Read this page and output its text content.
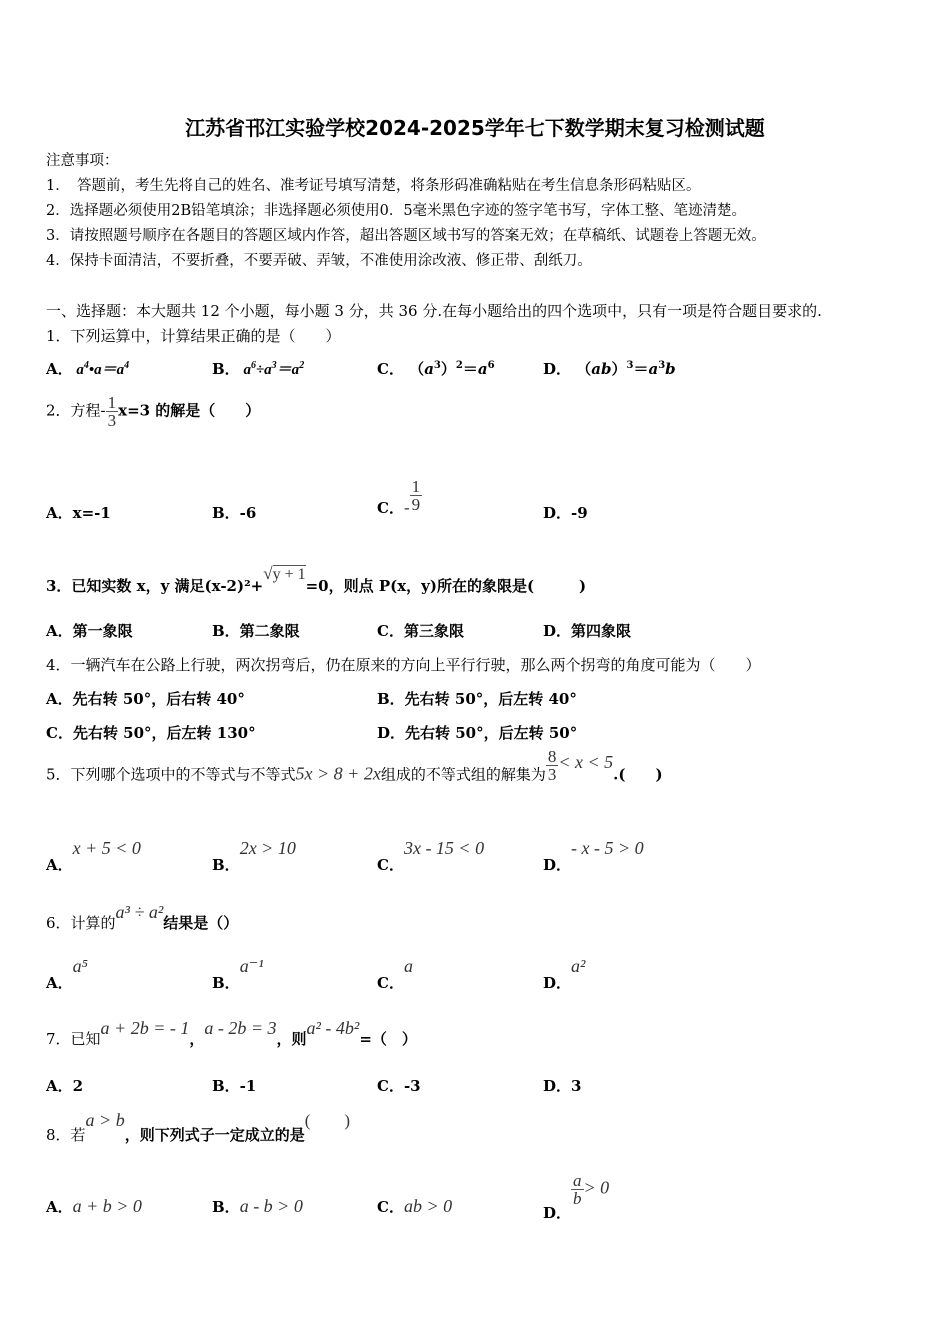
江苏省邗江实验学校2024-2025学年七下数学期末复习检测试题
注意事项：
1．　答题前，考生先将自己的姓名、准考证号填写清楚，将条形码准确粘贴在考生信息条形码粘贴区。
2．选择题必须使用2B铅笔填涂；非选择题必须使用0．5毫米黑色字迹的签字笔书写，字体工整、笔迹清楚。
3．请按照题号顺序在各题目的答题区域内作答，超出答题区域书写的答案无效；在草稿纸、试题卷上答题无效。
4．保持卡面清洁，不要折叠，不要弄破、弄皱，不准使用涂改液、修正带、刮纸刀。
一、选择题：本大题共 12 个小题，每小题 3 分，共 36 分.在每小题给出的四个选项中，只有一项是符合题目要求的.
1．下列运算中，计算结果正确的是（　　）
A． $a^4•a=a^4$	B． $a^6\div a^3=a^2$	C． $(a^3)^2=a^6$	D． $(ab)^3=a^3b$
2．方程- $\frac{1}{3} x=3$ 的解是（　　）
A．x=-1	B．-6	C．- $\frac{1}{9}$	D．-9
3．已知实数 x，y 满足(x-2)²+√y + 1=0，则点 P(x，y)所在的象限是(　　　)
A．第一象限	B．第二象限	C．第三象限	D．第四象限
4．一辆汽车在公路上行驶，两次拐弯后，仍在原来的方向上平行行驶，那么两个拐弯的角度可能为（　　）
A．先右转 50°，后右转 40°	B．先右转 50°，后左转 40°
C．先右转 50°，后左转 130°	D．先右转 50°，后左转 50°
5．下列哪个选项中的不等式与不等式5x > 8 + 2x组成的不等式组的解集为 $\frac{8}{3} < x < 5$.(　　)
A．x + 5 < 0
B．2x > 10
C．3x - 15 < 0
D．- x - 5 > 0
6．计算的a³ ÷ a²结果是（）
A．a⁵
B．a⁻¹
C．a
D．a²
7．已知a + 2b = - 1，a - 2b = 3，则a² - 4b²=（　）
A．2	B．-1	C．-3	D．3
8．若a > b，则下列式子一定成立的是(　　)
A．a + b > 0	B．a - b > 0	C．ab > 0	D．
$\frac{a}{b} > 0$
